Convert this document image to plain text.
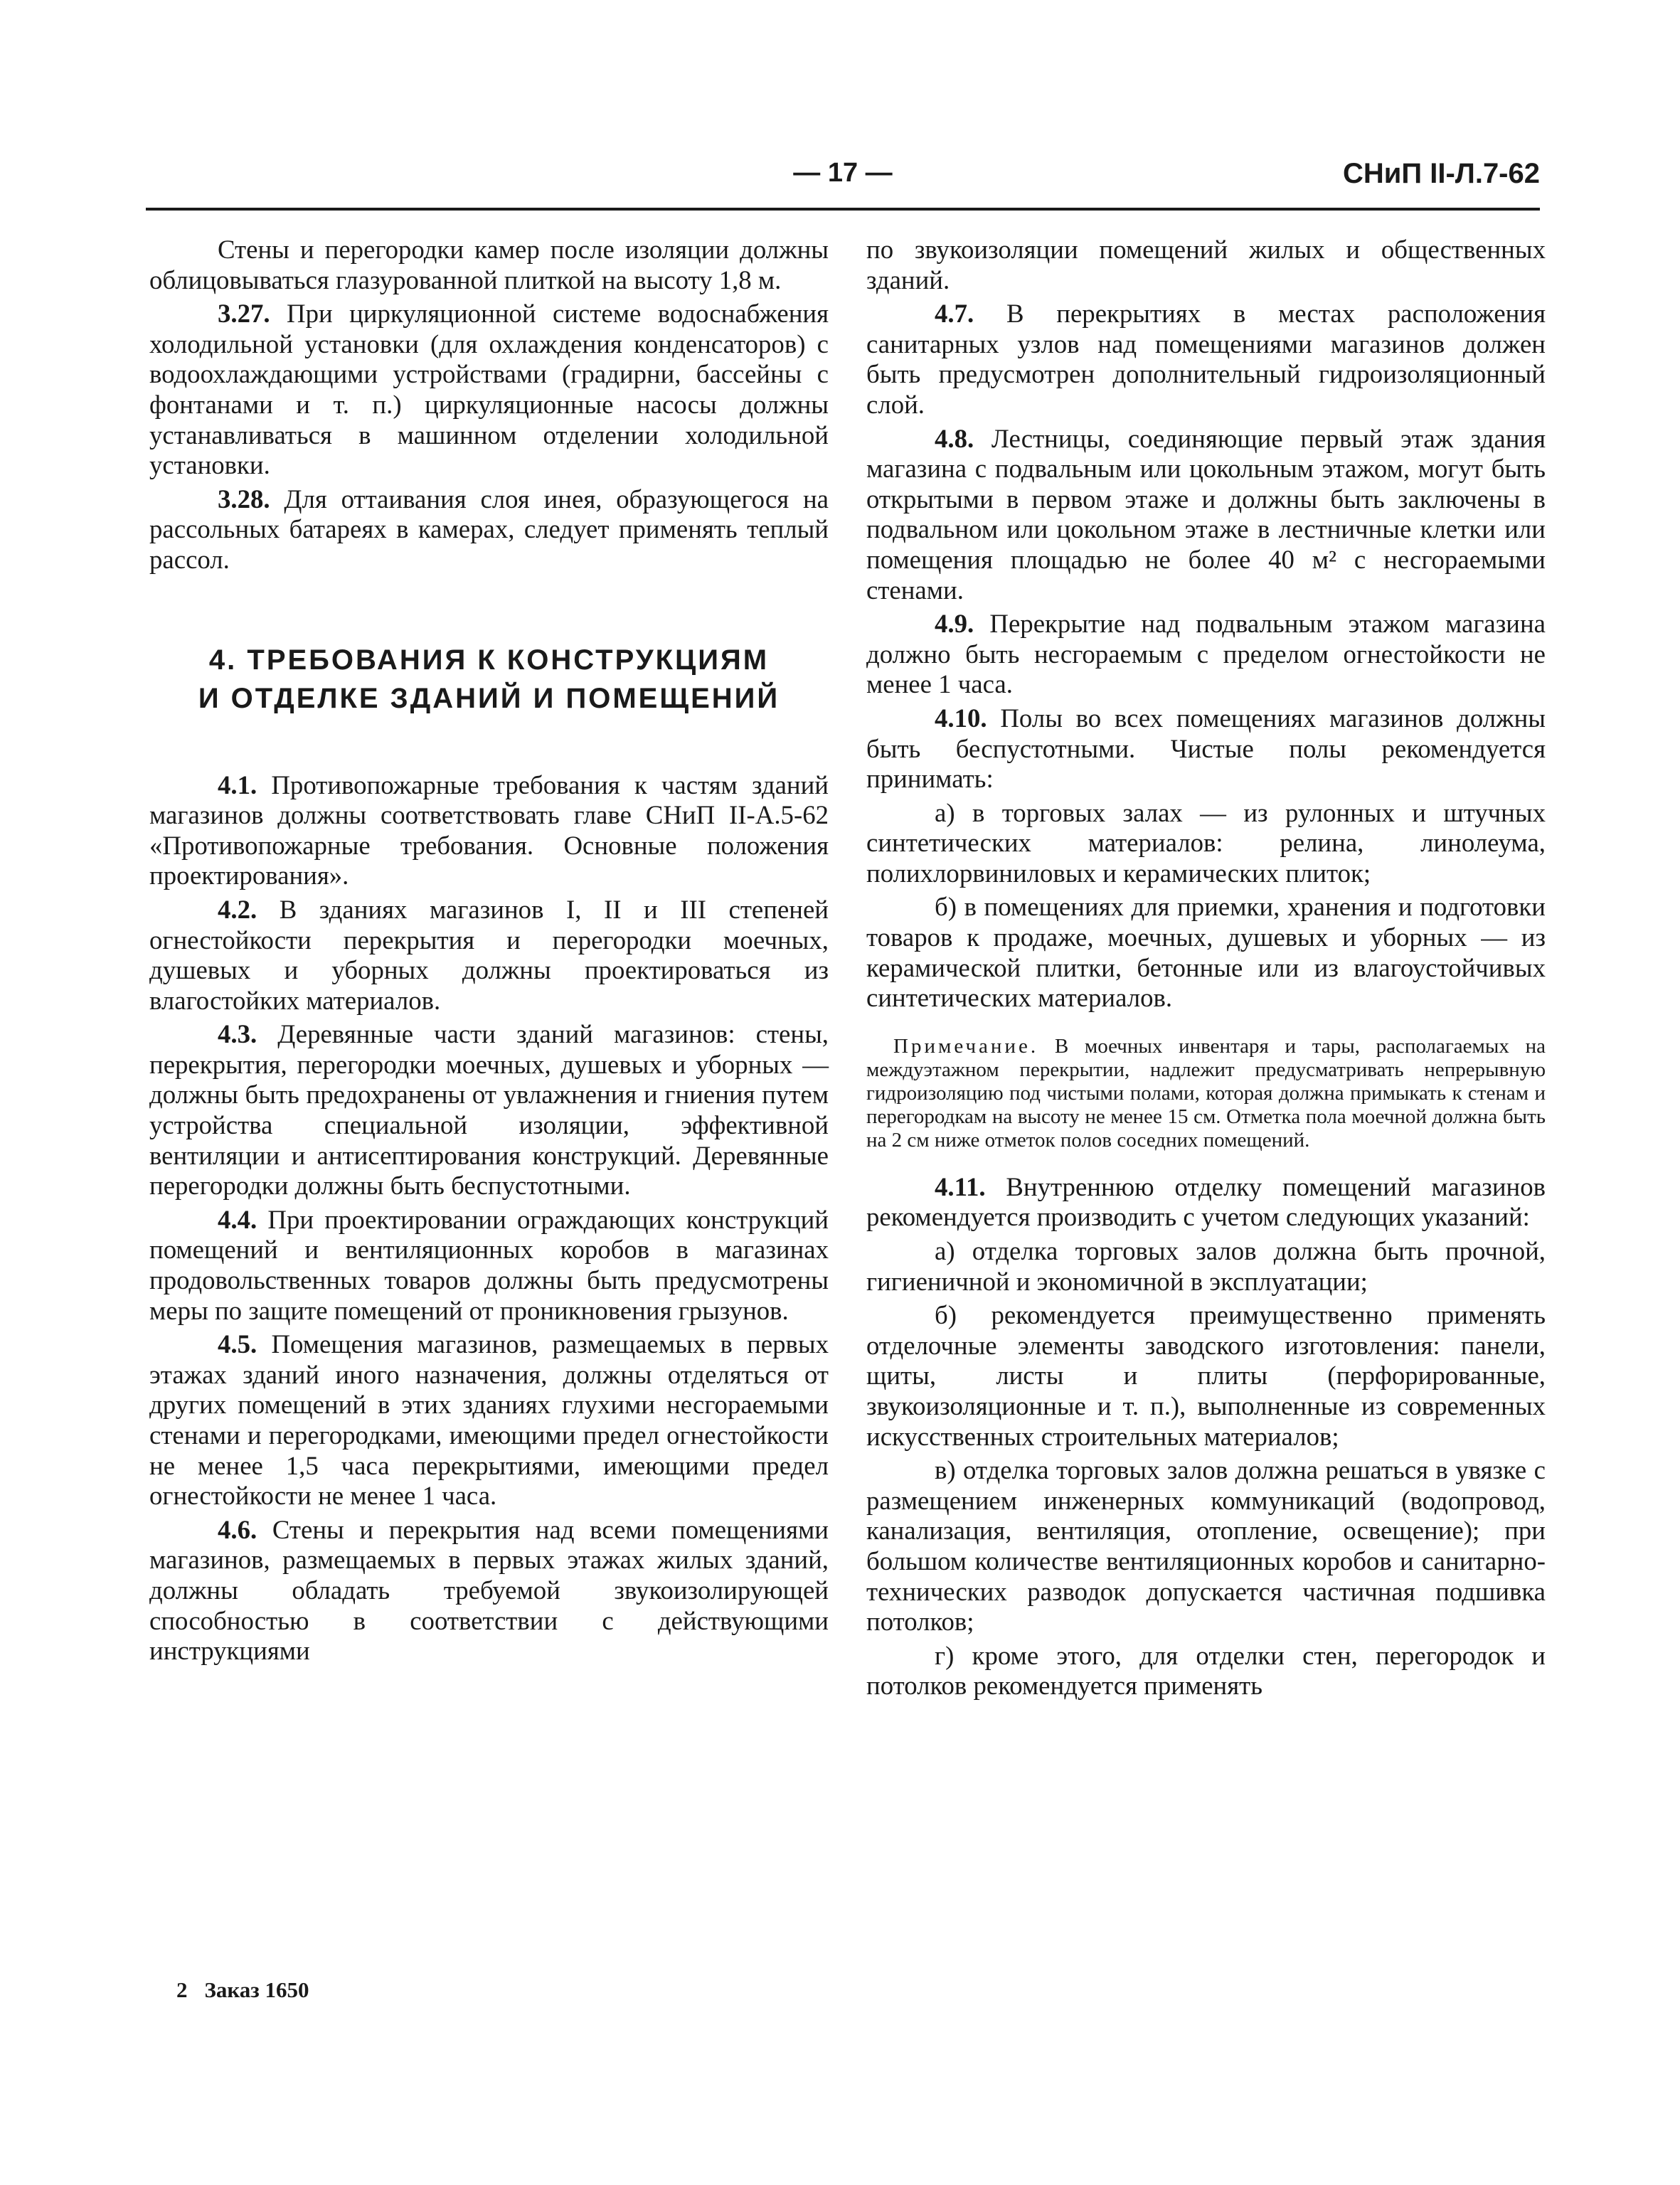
— 17 —	СНиП II-Л.7-62

Стены и перегородки камер после изоляции должны облицовываться глазурованной плиткой на высоту 1,8 м.

3.27. При циркуляционной системе водоснабжения холодильной установки (для охлаждения конденсаторов) с водоохлаждающими устройствами (градирни, бассейны с фонтанами и т. п.) циркуляционные насосы должны устанавливаться в машинном отделении холодильной установки.

3.28. Для оттаивания слоя инея, образующегося на рассольных батареях в камерах, следует применять теплый рассол.

4. ТРЕБОВАНИЯ К КОНСТРУКЦИЯМ
И ОТДЕЛКЕ ЗДАНИЙ И ПОМЕЩЕНИЙ

4.1. Противопожарные требования к частям зданий магазинов должны соответствовать главе СНиП II-А.5-62 «Противопожарные требования. Основные положения проектирования».

4.2. В зданиях магазинов I, II и III степеней огнестойкости перекрытия и перегородки моечных, душевых и уборных должны проектироваться из влагостойких материалов.

4.3. Деревянные части зданий магазинов: стены, перекрытия, перегородки моечных, душевых и уборных — должны быть предохранены от увлажнения и гниения путем устройства специальной изоляции, эффективной вентиляции и антисептирования конструкций. Деревянные перегородки должны быть беспустотными.

4.4. При проектировании ограждающих конструкций помещений и вентиляционных коробов в магазинах продовольственных товаров должны быть предусмотрены меры по защите помещений от проникновения грызунов.

4.5. Помещения магазинов, размещаемых в первых этажах зданий иного назначения, должны отделяться от других помещений в этих зданиях глухими несгораемыми стенами и перегородками, имеющими предел огнестойкости не менее 1,5 часа перекрытиями, имеющими предел огнестойкости не менее 1 часа.

4.6. Стены и перекрытия над всеми помещениями магазинов, размещаемых в первых этажах жилых зданий, должны обладать требуемой звукоизолирующей способностью в соответствии с действующими инструкциями

по звукоизоляции помещений жилых и общественных зданий.

4.7. В перекрытиях в местах расположения санитарных узлов над помещениями магазинов должен быть предусмотрен дополнительный гидроизоляционный слой.

4.8. Лестницы, соединяющие первый этаж здания магазина с подвальным или цокольным этажом, могут быть открытыми в первом этаже и должны быть заключены в подвальном или цокольном этаже в лестничные клетки или помещения площадью не более 40 м² с несгораемыми стенами.

4.9. Перекрытие над подвальным этажом магазина должно быть несгораемым с пределом огнестойкости не менее 1 часа.

4.10. Полы во всех помещениях магазинов должны быть беспустотными. Чистые полы рекомендуется принимать:

а) в торговых залах — из рулонных и штучных синтетических материалов: релина, линолеума, полихлорвиниловых и керамических плиток;

б) в помещениях для приемки, хранения и подготовки товаров к продаже, моечных, душевых и уборных — из керамической плитки, бетонные или из влагоустойчивых синтетических материалов.

Примечание. В моечных инвентаря и тары, располагаемых на междуэтажном перекрытии, надлежит предусматривать непрерывную гидроизоляцию под чистыми полами, которая должна примыкать к стенам и перегородкам на высоту не менее 15 см. Отметка пола моечной должна быть на 2 см ниже отметок полов соседних помещений.

4.11. Внутреннюю отделку помещений магазинов рекомендуется производить с учетом следующих указаний:

а) отделка торговых залов должна быть прочной, гигиеничной и экономичной в эксплуатации;

б) рекомендуется преимущественно применять отделочные элементы заводского изготовления: панели, щиты, листы и плиты (перфорированные, звукоизоляционные и т. п.), выполненные из современных искусственных строительных материалов;

в) отделка торговых залов должна решаться в увязке с размещением инженерных коммуникаций (водопровод, канализация, вентиляция, отопление, освещение); при большом количестве вентиляционных коробов и санитарно-технических разводок допускается частичная подшивка потолков;

г) кроме этого, для отделки стен, перегородок и потолков рекомендуется применять

2 Заказ 1650
